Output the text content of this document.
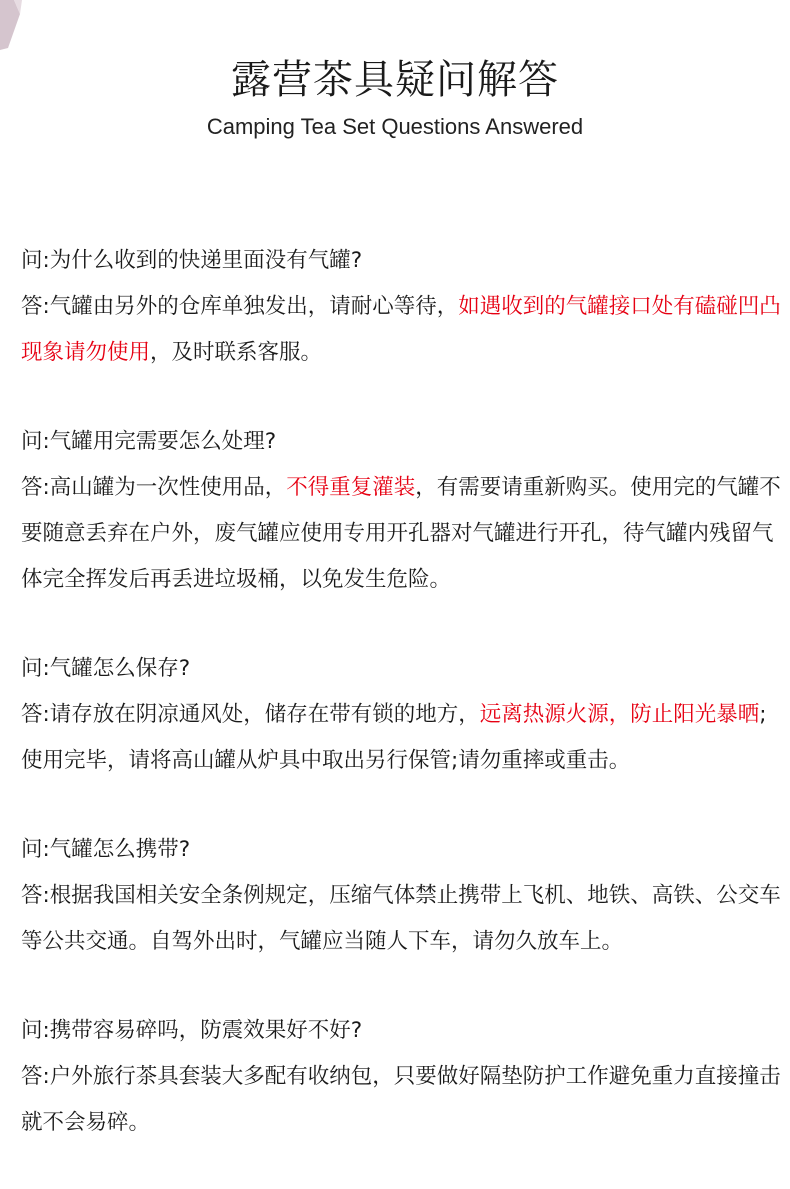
露营茶具疑问解答
Camping Tea Set Questions Answered

问:为什么收到的快递里面没有气罐?

答:气罐由另外的仓库单独发出，请耐心等待，如遇收到的气罐接口处有磕碰凹凸现象请勿使用，及时联系客服。

问:气罐用完需要怎么处理?

答:高山罐为一次性使用品，不得重复灌装，有需要请重新购买。使用完的气罐不要随意丢弃在户外，废气罐应使用专用开孔器对气罐进行开孔，待气罐内残留气体完全挥发后再丢进垃圾桶，以免发生危险。

问:气罐怎么保存?

答:请存放在阴凉通风处，储存在带有锁的地方，远离热源火源，防止阳光暴晒;使用完毕，请将高山罐从炉具中取出另行保管;请勿重摔或重击。

问:气罐怎么携带?

答:根据我国相关安全条例规定，压缩气体禁止携带上飞机、地铁、高铁、公交车等公共交通。自驾外出时，气罐应当随人下车，请勿久放车上。

问:携带容易碎吗，防震效果好不好?

答:户外旅行茶具套装大多配有收纳包，只要做好隔垫防护工作避免重力直接撞击就不会易碎。
